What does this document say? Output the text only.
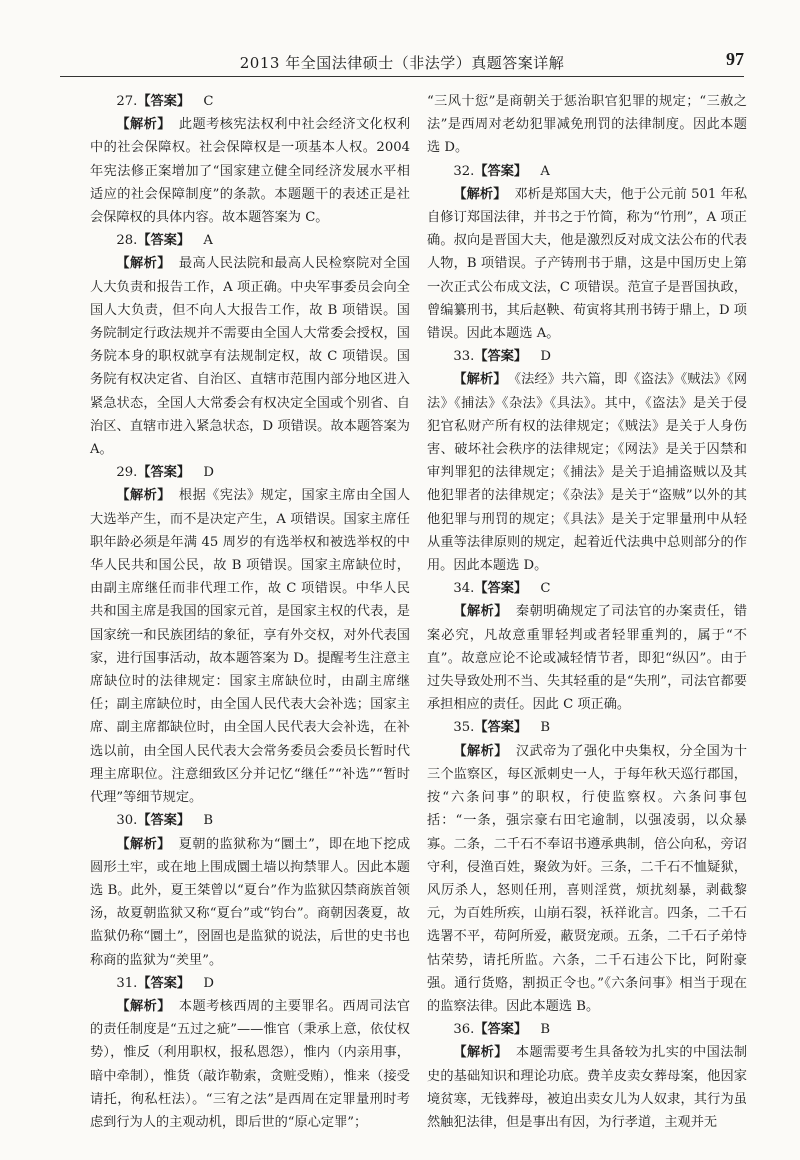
2013 年全国法律硕士（非法学）真题答案详解	97

27.【答案】 C

【解析】 此题考核宪法权利中社会经济文化权利中的社会保障权。社会保障权是一项基本人权。2004 年宪法修正案增加了“国家建立健全同经济发展水平相适应的社会保障制度”的条款。本题题干的表述正是社会保障权的具体内容。故本题答案为 C。

28.【答案】 A

【解析】 最高人民法院和最高人民检察院对全国人大负责和报告工作，A 项正确。中央军事委员会向全国人大负责，但不向人大报告工作，故 B 项错误。国务院制定行政法规并不需要由全国人大常委会授权，国务院本身的职权就享有法规制定权，故 C 项错误。国务院有权决定省、自治区、直辖市范围内部分地区进入紧急状态，全国人大常委会有权决定全国或个别省、自治区、直辖市进入紧急状态，D 项错误。故本题答案为 A。

29.【答案】 D

【解析】 根据《宪法》规定，国家主席由全国人大选举产生，而不是决定产生，A 项错误。国家主席任职年龄必须是年满 45 周岁的有选举权和被选举权的中华人民共和国公民，故 B 项错误。国家主席缺位时，由副主席继任而非代理工作，故 C 项错误。中华人民共和国主席是我国的国家元首，是国家主权的代表，是国家统一和民族团结的象征，享有外交权，对外代表国家，进行国事活动，故本题答案为 D。提醒考生注意主席缺位时的法律规定：国家主席缺位时，由副主席继任；副主席缺位时，由全国人民代表大会补选；国家主席、副主席都缺位时，由全国人民代表大会补选，在补选以前，由全国人民代表大会常务委员会委员长暂时代理主席职位。注意细致区分并记忆“继任”“补选”“暂时代理”等细节规定。

30.【答案】 B

【解析】 夏朝的监狱称为“圜土”，即在地下挖成圆形土牢，或在地上围成圜土墙以拘禁罪人。因此本题选 B。此外，夏王桀曾以“夏台”作为监狱囚禁商族首领汤，故夏朝监狱又称“夏台”或“钧台”。商朝因袭夏，故监狱仍称“圜土”，囹圄也是监狱的说法，后世的史书也称商的监狱为“羑里”。

31.【答案】 D

【解析】 本题考核西周的主要罪名。西周司法官的责任制度是“五过之疵”——惟官（秉承上意，依仗权势），惟反（利用职权，报私恩怨），惟内（内亲用事，暗中牵制），惟货（敲诈勒索，贪赃受贿），惟来（接受请托，徇私枉法）。“三宥之法”是西周在定罪量刑时考虑到行为人的主观动机，即后世的“原心定罪”；

“三风十愆”是商朝关于惩治职官犯罪的规定；“三赦之法”是西周对老幼犯罪减免刑罚的法律制度。因此本题选 D。

32.【答案】 A

【解析】 邓析是郑国大夫，他于公元前 501 年私自修订郑国法律，并书之于竹简，称为“竹刑”，A 项正确。叔向是晋国大夫，他是激烈反对成文法公布的代表人物，B 项错误。子产铸刑书于鼎，这是中国历史上第一次正式公布成文法，C 项错误。范宣子是晋国执政，曾编纂刑书，其后赵鞅、荀寅将其刑书铸于鼎上，D 项错误。因此本题选 A。

33.【答案】 D

【解析】 《法经》共六篇，即《盗法》《贼法》《网法》《捕法》《杂法》《具法》。其中，《盗法》是关于侵犯官私财产所有权的法律规定；《贼法》是关于人身伤害、破坏社会秩序的法律规定；《网法》是关于囚禁和审判罪犯的法律规定；《捕法》是关于追捕盗贼以及其他犯罪者的法律规定；《杂法》是关于“盗贼”以外的其他犯罪与刑罚的规定；《具法》是关于定罪量刑中从轻从重等法律原则的规定，起着近代法典中总则部分的作用。因此本题选 D。

34.【答案】 C

【解析】 秦朝明确规定了司法官的办案责任，错案必究，凡故意重罪轻判或者轻罪重判的，属于“不直”。故意应论不论或减轻情节者，即犯“纵囚”。由于过失导致处刑不当、失其轻重的是“失刑”，司法官都要承担相应的责任。因此 C 项正确。

35.【答案】 B

【解析】 汉武帝为了强化中央集权，分全国为十三个监察区，每区派刺史一人，于每年秋天巡行郡国，按“六条问事”的职权，行使监察权。六条问事包括：“一条，强宗豪右田宅逾制，以强凌弱，以众暴寡。二条，二千石不奉诏书遵承典制，倍公向私，旁诏守利，侵渔百姓，聚敛为奸。三条，二千石不恤疑狱，风厉杀人，怒则任刑，喜则淫赏，烦扰刻暴，剥截黎元，为百姓所疾，山崩石裂，袄祥讹言。四条，二千石选署不平，苟阿所爱，蔽贤宠顽。五条，二千石子弟恃怙荣势，请托所监。六条，二千石违公下比，阿附豪强。通行货赂，割损正令也。”《六条问事》相当于现在的监察法律。因此本题选 B。

36.【答案】 B

【解析】 本题需要考生具备较为扎实的中国法制史的基础知识和理论功底。费羊皮卖女葬母案，他因家境贫寒，无钱葬母，被迫出卖女儿为人奴隶，其行为虽然触犯法律，但是事出有因，为行孝道，主观并无
